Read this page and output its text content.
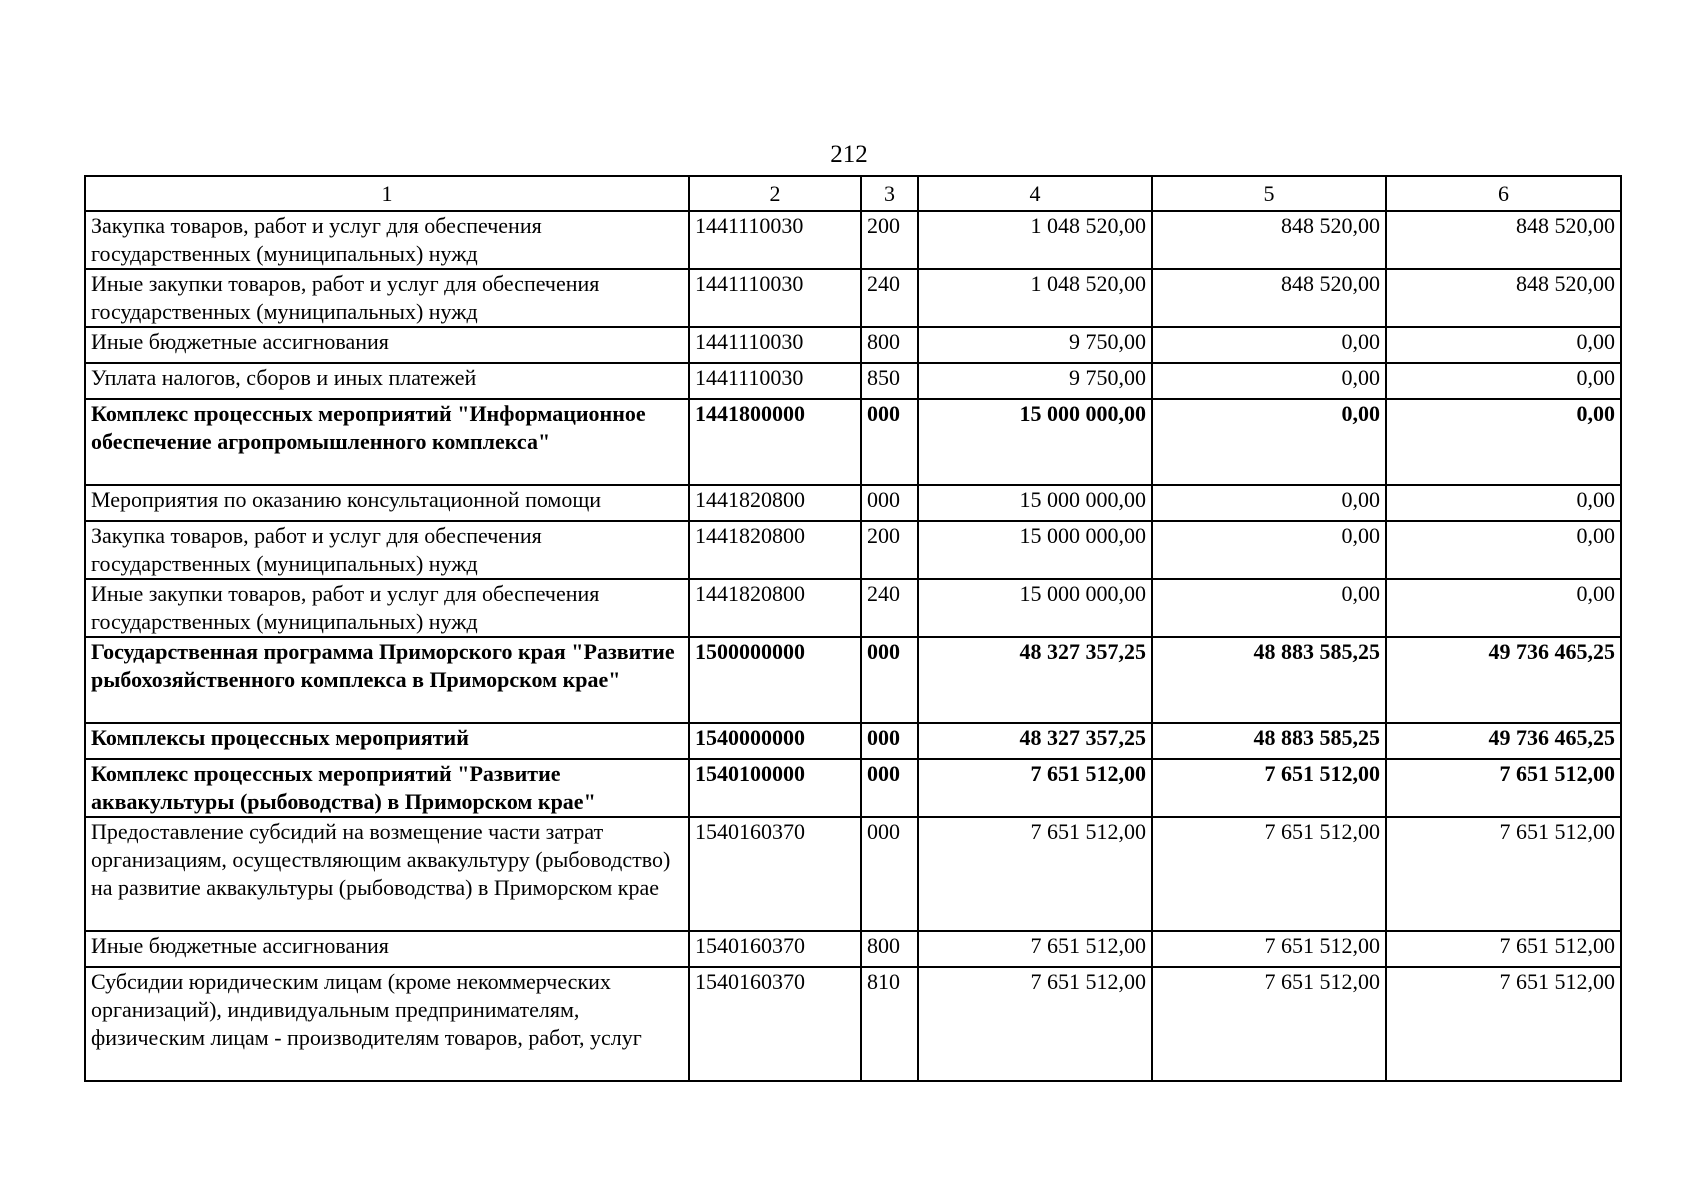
212
1	2	3	4	5	6
Закупка товаров, работ и услуг для обеспечения государственных (муниципальных) нужд	1441110030	200	1 048 520,00	848 520,00	848 520,00
Иные закупки товаров, работ и услуг для обеспечения государственных (муниципальных) нужд	1441110030	240	1 048 520,00	848 520,00	848 520,00
Иные бюджетные ассигнования	1441110030	800	9 750,00	0,00	0,00
Уплата налогов, сборов и иных платежей	1441110030	850	9 750,00	0,00	0,00
Комплекс процессных мероприятий "Информационное обеспечение агропромышленного комплекса"	1441800000	000	15 000 000,00	0,00	0,00
Мероприятия по оказанию консультационной помощи	1441820800	000	15 000 000,00	0,00	0,00
Закупка товаров, работ и услуг для обеспечения государственных (муниципальных) нужд	1441820800	200	15 000 000,00	0,00	0,00
Иные закупки товаров, работ и услуг для обеспечения государственных (муниципальных) нужд	1441820800	240	15 000 000,00	0,00	0,00
Государственная программа Приморского края "Развитие рыбохозяйственного комплекса в Приморском крае"	1500000000	000	48 327 357,25	48 883 585,25	49 736 465,25
Комплексы процессных мероприятий	1540000000	000	48 327 357,25	48 883 585,25	49 736 465,25
Комплекс процессных мероприятий "Развитие аквакультуры (рыбоводства) в Приморском крае"	1540100000	000	7 651 512,00	7 651 512,00	7 651 512,00
Предоставление субсидий на возмещение части затрат организациям, осуществляющим аквакультуру (рыбоводство) на развитие аквакультуры (рыбоводства) в Приморском крае	1540160370	000	7 651 512,00	7 651 512,00	7 651 512,00
Иные бюджетные ассигнования	1540160370	800	7 651 512,00	7 651 512,00	7 651 512,00
Субсидии юридическим лицам (кроме некоммерческих организаций), индивидуальным предпринимателям, физическим лицам - производителям товаров, работ, услуг	1540160370	810	7 651 512,00	7 651 512,00	7 651 512,00
